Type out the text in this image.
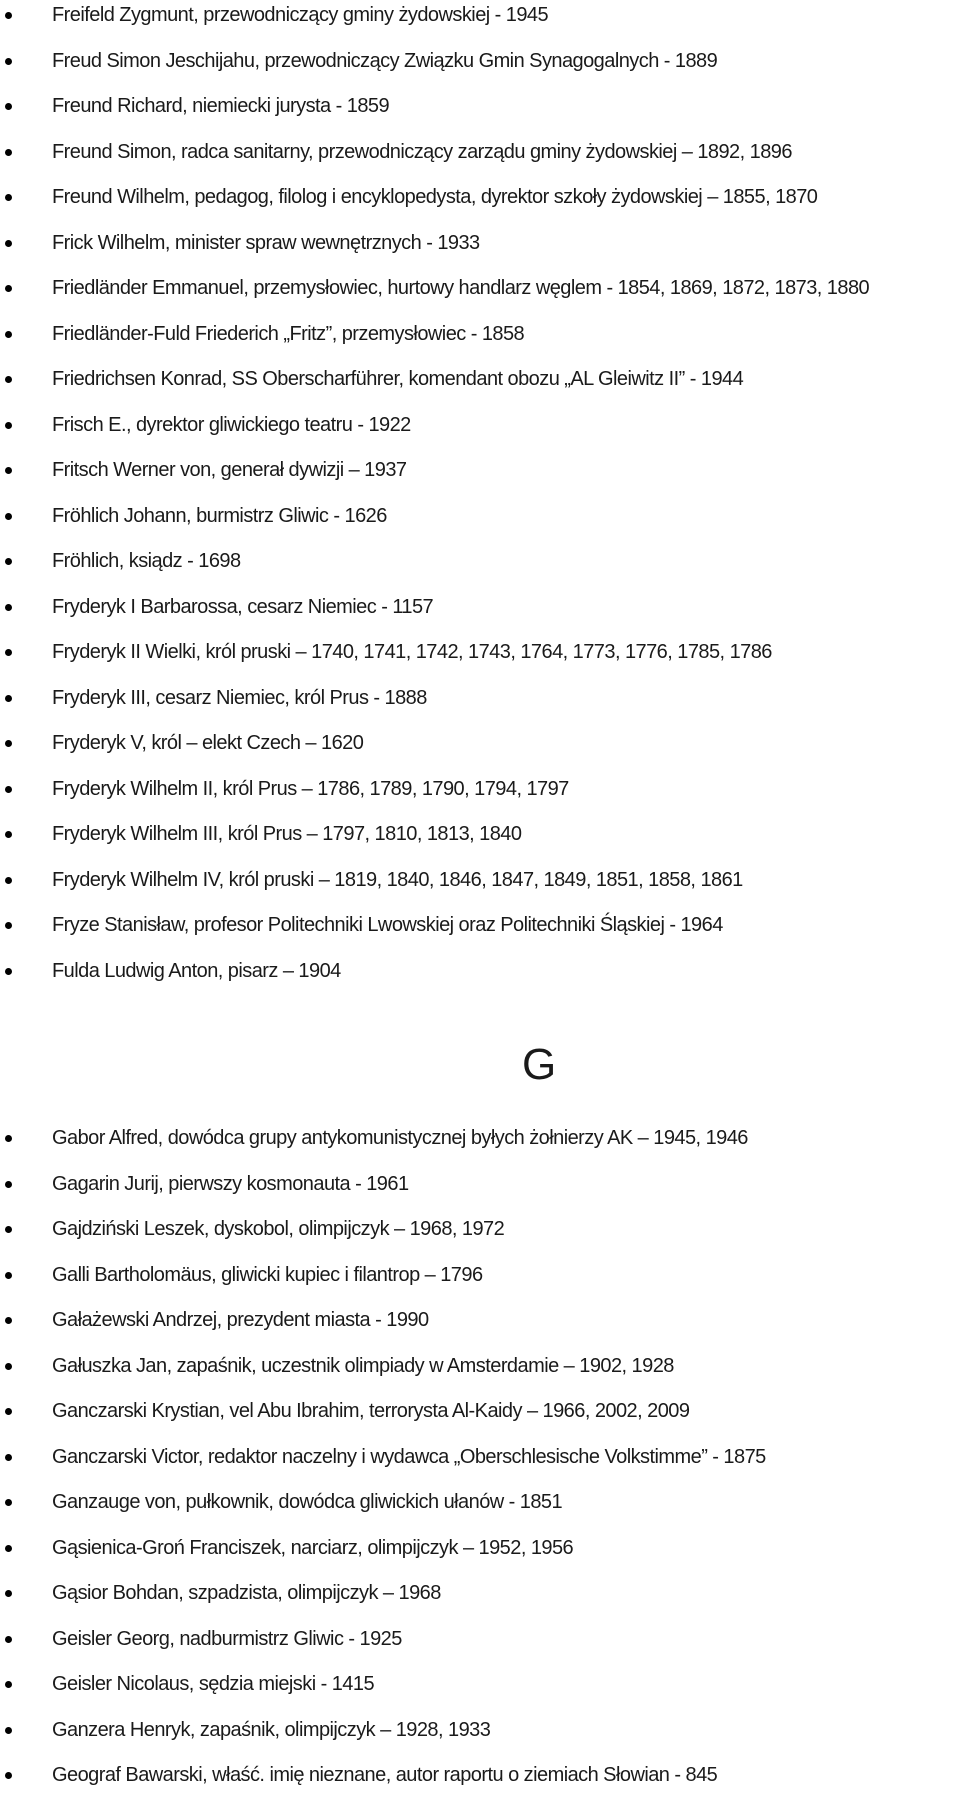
Freifeld Zygmunt, przewodniczący gminy żydowskiej - 1945
Freud Simon Jeschijahu, przewodniczący Związku Gmin Synagogalnych - 1889
Freund Richard, niemiecki jurysta - 1859
Freund Simon, radca sanitarny, przewodniczący zarządu gminy żydowskiej – 1892, 1896
Freund Wilhelm, pedagog, filolog i encyklopedysta, dyrektor szkoły żydowskiej – 1855, 1870
Frick Wilhelm, minister spraw wewnętrznych - 1933
Friedländer Emmanuel, przemysłowiec, hurtowy handlarz węglem - 1854, 1869, 1872, 1873, 1880
Friedländer-Fuld Friederich „Fritz”, przemysłowiec - 1858
Friedrichsen Konrad, SS Oberscharführer, komendant obozu „AL Gleiwitz II” - 1944
Frisch E., dyrektor gliwickiego teatru - 1922
Fritsch Werner von, generał dywizji – 1937
Fröhlich Johann, burmistrz Gliwic - 1626
Fröhlich, ksiądz - 1698
Fryderyk I Barbarossa, cesarz Niemiec - 1157
Fryderyk II Wielki, król pruski – 1740, 1741, 1742, 1743, 1764, 1773, 1776, 1785, 1786
Fryderyk III, cesarz Niemiec, król Prus - 1888
Fryderyk V, król – elekt Czech – 1620
Fryderyk Wilhelm II, król Prus – 1786, 1789, 1790, 1794, 1797
Fryderyk Wilhelm III, król Prus – 1797, 1810, 1813, 1840
Fryderyk Wilhelm IV, król pruski – 1819, 1840, 1846, 1847, 1849, 1851, 1858, 1861
Fryze Stanisław, profesor Politechniki Lwowskiej oraz Politechniki Śląskiej - 1964
Fulda Ludwig Anton, pisarz – 1904
G
Gabor Alfred, dowódca grupy antykomunistycznej byłych żołnierzy AK – 1945, 1946
Gagarin Jurij, pierwszy kosmonauta - 1961
Gajdziński Leszek, dyskobol, olimpijczyk – 1968, 1972
Galli Bartholomäus, gliwicki kupiec i filantrop – 1796
Gałażewski Andrzej, prezydent miasta - 1990
Gałuszka Jan, zapaśnik, uczestnik olimpiady w Amsterdamie – 1902, 1928
Ganczarski Krystian, vel Abu Ibrahim, terrorysta Al-Kaidy – 1966, 2002, 2009
Ganczarski Victor, redaktor naczelny i wydawca „Oberschlesische Volkstimme” - 1875
Ganzauge von, pułkownik, dowódca gliwickich ułanów - 1851
Gąsienica-Groń Franciszek, narciarz, olimpijczyk – 1952, 1956
Gąsior Bohdan, szpadzista, olimpijczyk – 1968
Geisler Georg, nadburmistrz Gliwic - 1925
Geisler Nicolaus, sędzia miejski - 1415
Ganzera Henryk, zapaśnik, olimpijczyk – 1928, 1933
Geograf Bawarski, właść. imię nieznane, autor raportu o ziemiach Słowian - 845
